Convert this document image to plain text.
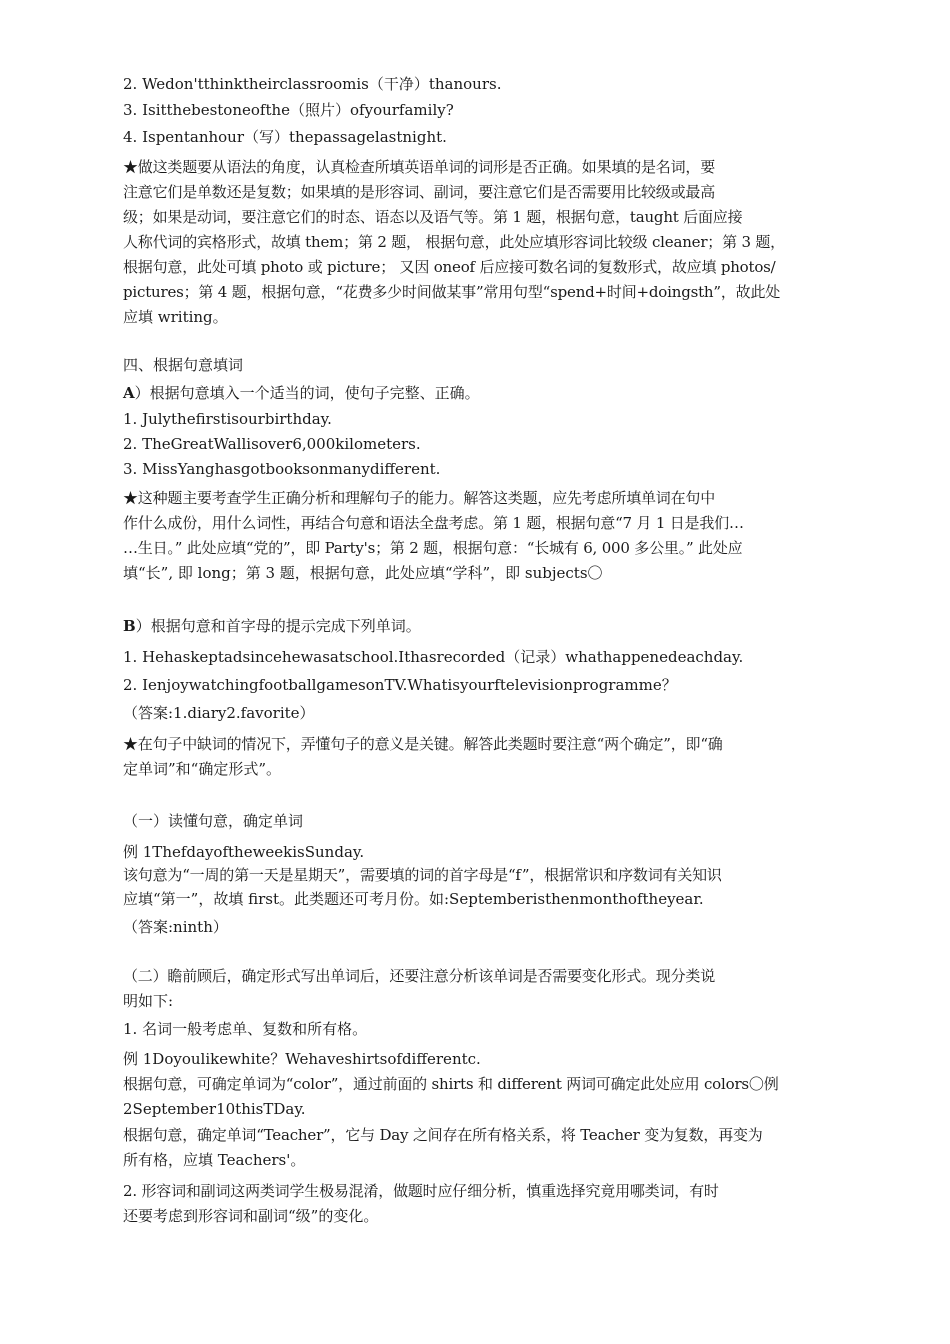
2. Wedon'tthinktheirclassroomis（干净）thanours.
3. Isitthebestoneofthe（照片）ofyourfamily?
4. Ispentanhour（写）thepassagelastnight.
★做这类题要从语法的角度，认真检查所填英语单词的词形是否正确。如果填的是名词，要
注意它们是单数还是复数；如果填的是形容词、副词，要注意它们是否需要用比较级或最高
级；如果是动词，要注意它们的时态、语态以及语气等。第 1 题，根据句意，taught 后面应接
人称代词的宾格形式，故填 them；第 2 题， 根据句意，此处应填形容词比较级 cleaner；第 3 题，
根据句意，此处可填 photo 或 picture； 又因 oneof 后应接可数名词的复数形式，故应填 photos/
pictures；第 4 题，根据句意，“花费多少时间做某事”常用句型“spend+时间+doingsth”，故此处
应填 writing。
四、根据句意填词
A）根据句意填入一个适当的词，使句子完整、正确。
1. Julythefirstisourbirthday.
2. TheGreatWallisover6,000kilometers.
3. MissYanghasgotbooksonmanydifferent.
★这种题主要考查学生正确分析和理解句子的能力。解答这类题，应先考虑所填单词在句中
作什么成份，用什么词性，再结合句意和语法全盘考虑。第 1 题，根据句意“7 月 1 日是我们…
…生日。” 此处应填“党的”，即 Party's；第 2 题，根据句意：“长城有 6, 000 多公里。” 此处应
填“长”, 即 long；第 3 题，根据句意，此处应填“学科”，即 subjects〇
B）根据句意和首字母的提示完成下列单词。
1. Hehaskeptadsincehewasatschool.Ithasrecorded（记录）whathappenedeachday.
2. IenjoywatchingfootballgamesonTV.Whatisyourftelevisionprogramme？
（答案:1.diary2.favorite）
★在句子中缺词的情况下，弄懂句子的意义是关键。解答此类题时要注意“两个确定”，即“确
定单词”和“确定形式”。
（一）读懂句意，确定单词
例 1ThefdayoftheweekisSunday.
该句意为“一周的第一天是星期天”，需要填的词的首字母是“f”，根据常识和序数词有关知识
应填“第一”，故填 first。此类题还可考月份。如:Septemberisthenmonthoftheyear.
（答案:ninth）
（二）瞻前顾后，确定形式写出单词后，还要注意分析该单词是否需要变化形式。现分类说
明如下:
1. 名词一般考虑单、复数和所有格。
例 1Doyoulikewhite？Wehaveshirtsofdifferentc.
根据句意，可确定单词为“color”，通过前面的 shirts 和 different 两词可确定此处应用 colors〇例
2September10thisTDay.
根据句意，确定单词“Teacher”，它与 Day 之间存在所有格关系，将 Teacher 变为复数，再变为
所有格，应填 Teachers'。
2. 形容词和副词这两类词学生极易混淆，做题时应仔细分析，慎重选择究竟用哪类词，有时
还要考虑到形容词和副词“级”的变化。
